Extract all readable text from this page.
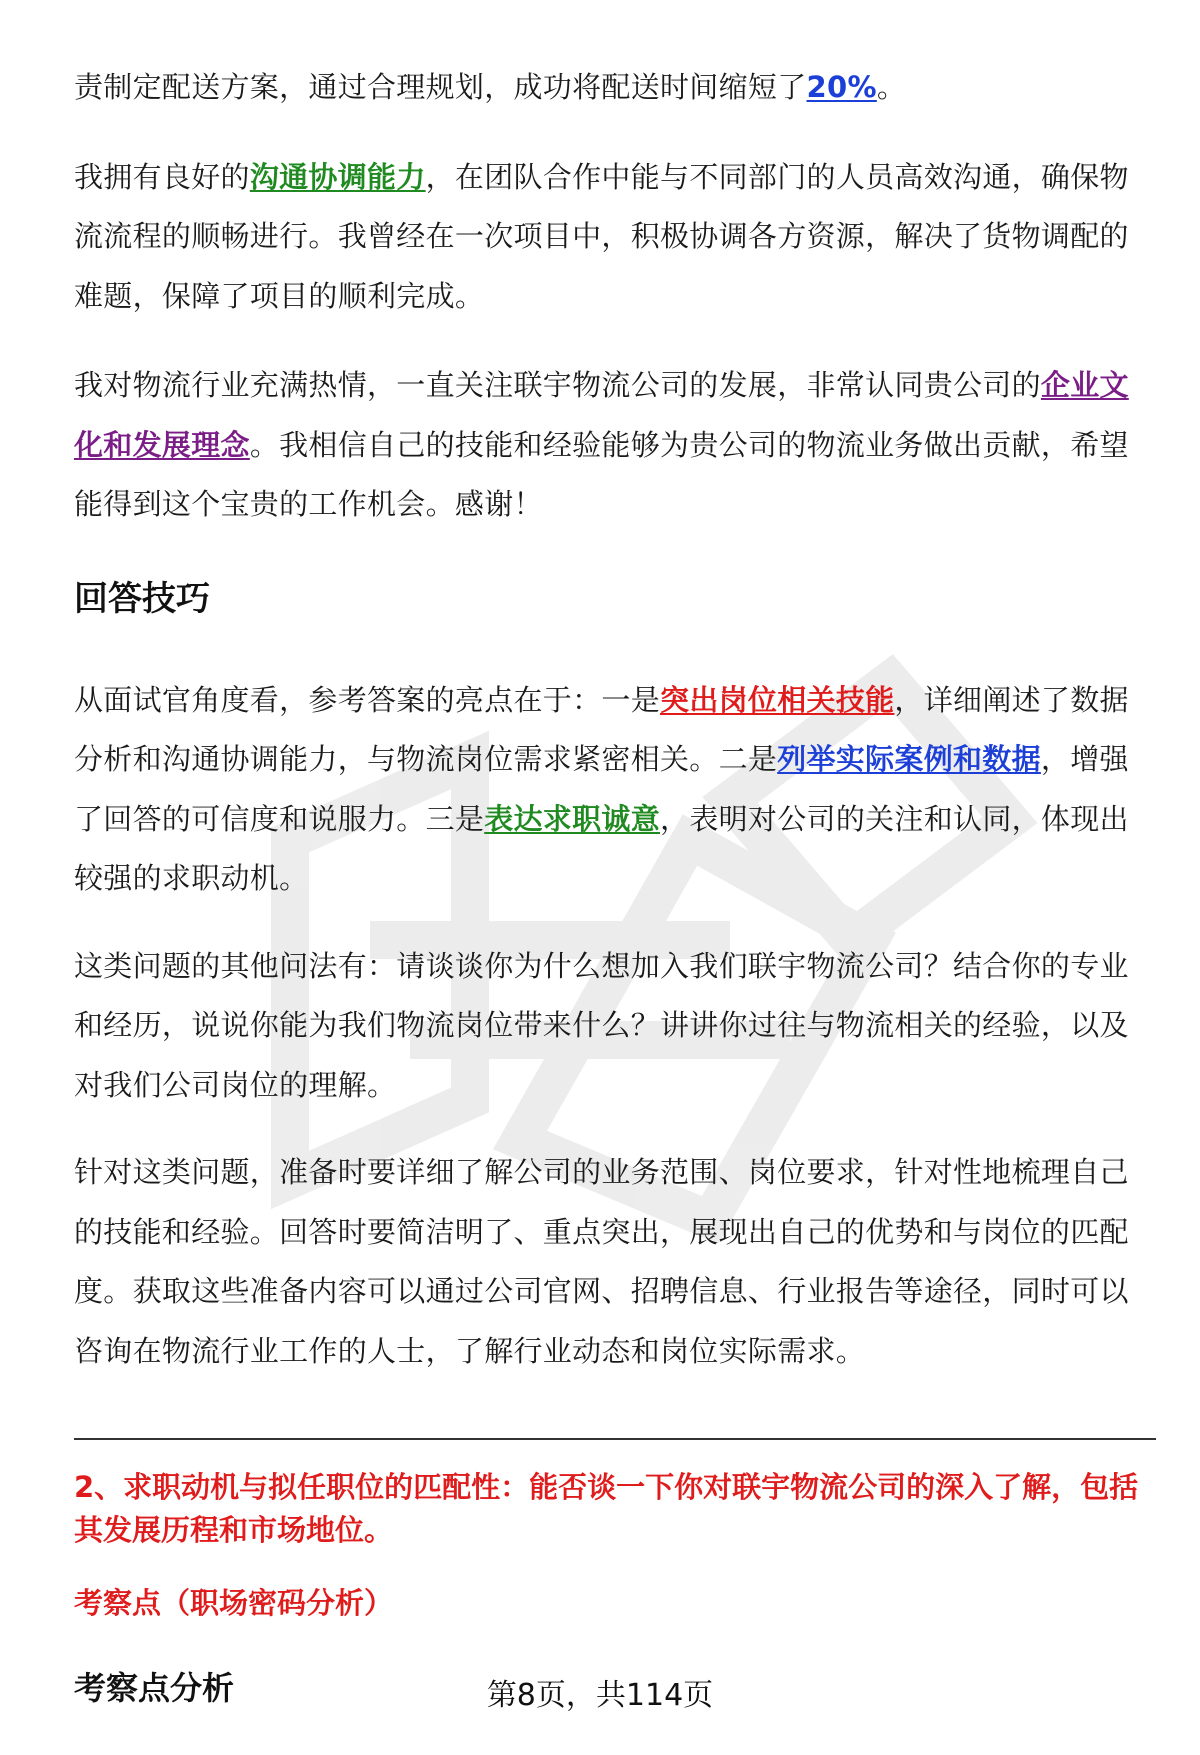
责制定配送方案，通过合理规划，成功将配送时间缩短了20%。

我拥有良好的沟通协调能力，在团队合作中能与不同部门的人员高效沟通，确保物流流程的顺畅进行。我曾经在一次项目中，积极协调各方资源，解决了货物调配的难题，保障了项目的顺利完成。

我对物流行业充满热情，一直关注联宇物流公司的发展，非常认同贵公司的企业文化和发展理念。我相信自己的技能和经验能够为贵公司的物流业务做出贡献，希望能得到这个宝贵的工作机会。感谢！

回答技巧

从面试官角度看，参考答案的亮点在于：一是突出岗位相关技能，详细阐述了数据分析和沟通协调能力，与物流岗位需求紧密相关。二是列举实际案例和数据，增强了回答的可信度和说服力。三是表达求职诚意，表明对公司的关注和认同，体现出较强的求职动机。

这类问题的其他问法有：请谈谈你为什么想加入我们联宇物流公司？结合你的专业和经历，说说你能为我们物流岗位带来什么？讲讲你过往与物流相关的经验，以及对我们公司岗位的理解。

针对这类问题，准备时要详细了解公司的业务范围、岗位要求，针对性地梳理自己的技能和经验。回答时要简洁明了、重点突出，展现出自己的优势和与岗位的匹配度。获取这些准备内容可以通过公司官网、招聘信息、行业报告等途径，同时可以咨询在物流行业工作的人士，了解行业动态和岗位实际需求。

2、求职动机与拟任职位的匹配性：能否谈一下你对联宇物流公司的深入了解，包括其发展历程和市场地位。

考察点（职场密码分析）

考察点分析	第8页，共114页
